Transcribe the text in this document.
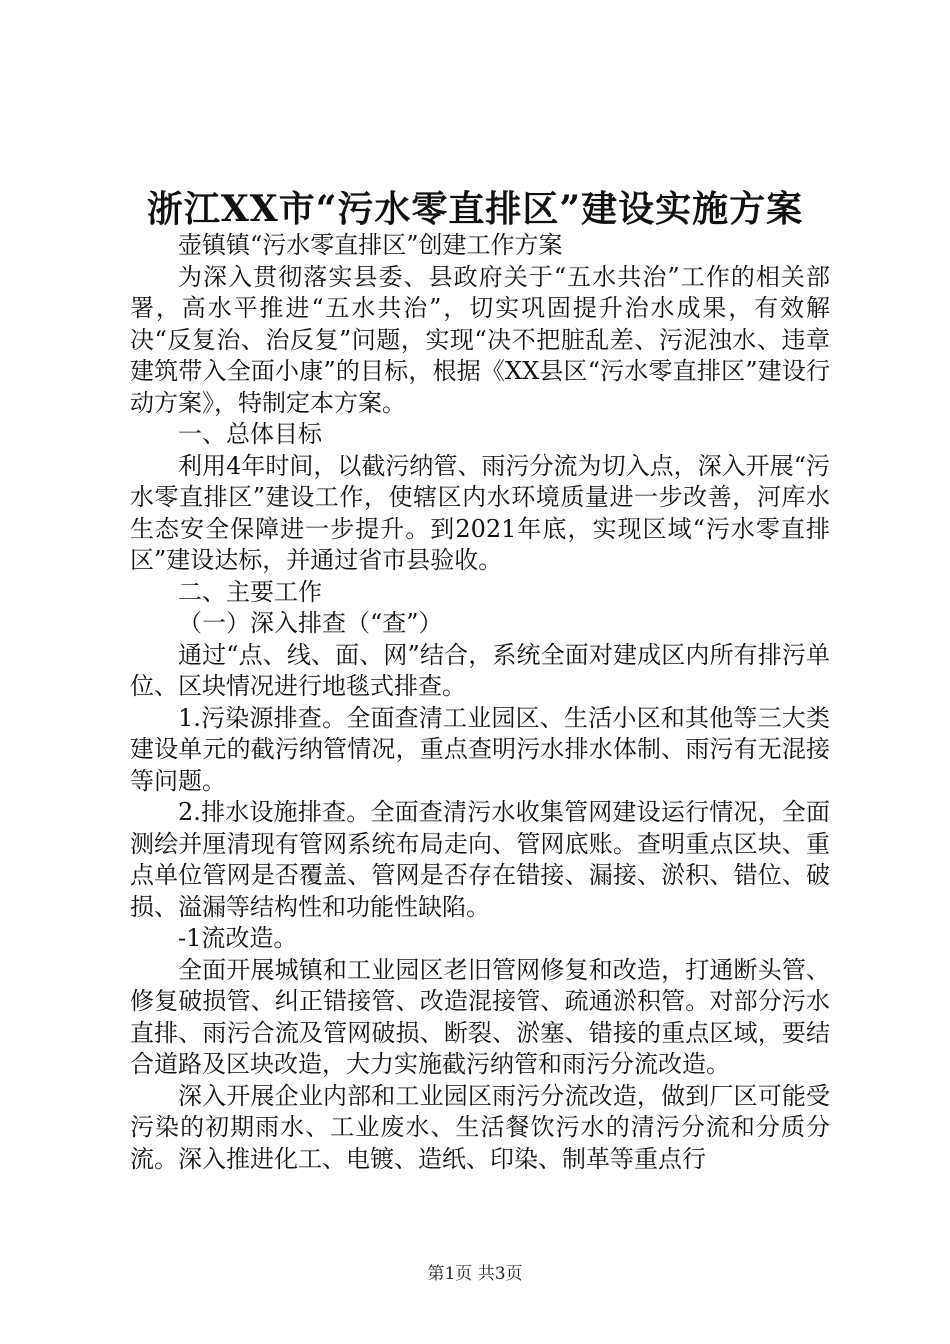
浙江XX市“污水零直排区”建设实施方案

壶镇镇“污水零直排区”创建工作方案

为深入贯彻落实县委、县政府关于“五水共治”工作的相关部署，高水平推进“五水共治”，切实巩固提升治水成果，有效解决“反复治、治反复”问题，实现“决不把脏乱差、污泥浊水、违章建筑带入全面小康”的目标，根据《XX县区“污水零直排区”建设行动方案》，特制定本方案。

一、总体目标

利用4年时间，以截污纳管、雨污分流为切入点，深入开展“污水零直排区”建设工作，使辖区内水环境质量进一步改善，河库水生态安全保障进一步提升。到2021年底，实现区域“污水零直排区”建设达标，并通过省市县验收。

二、主要工作

（一）深入排查（“查”）

通过“点、线、面、网”结合，系统全面对建成区内所有排污单位、区块情况进行地毯式排查。

1.污染源排查。全面查清工业园区、生活小区和其他等三大类建设单元的截污纳管情况，重点查明污水排水体制、雨污有无混接等问题。

2.排水设施排查。全面查清污水收集管网建设运行情况，全面测绘并厘清现有管网系统布局走向、管网底账。查明重点区块、重点单位管网是否覆盖、管网是否存在错接、漏接、淤积、错位、破损、溢漏等结构性和功能性缺陷。

-1流改造。

全面开展城镇和工业园区老旧管网修复和改造，打通断头管、修复破损管、纠正错接管、改造混接管、疏通淤积管。对部分污水直排、雨污合流及管网破损、断裂、淤塞、错接的重点区域，要结合道路及区块改造，大力实施截污纳管和雨污分流改造。

深入开展企业内部和工业园区雨污分流改造，做到厂区可能受污染的初期雨水、工业废水、生活餐饮污水的清污分流和分质分流。深入推进化工、电镀、造纸、印染、制革等重点行

第1页 共3页
